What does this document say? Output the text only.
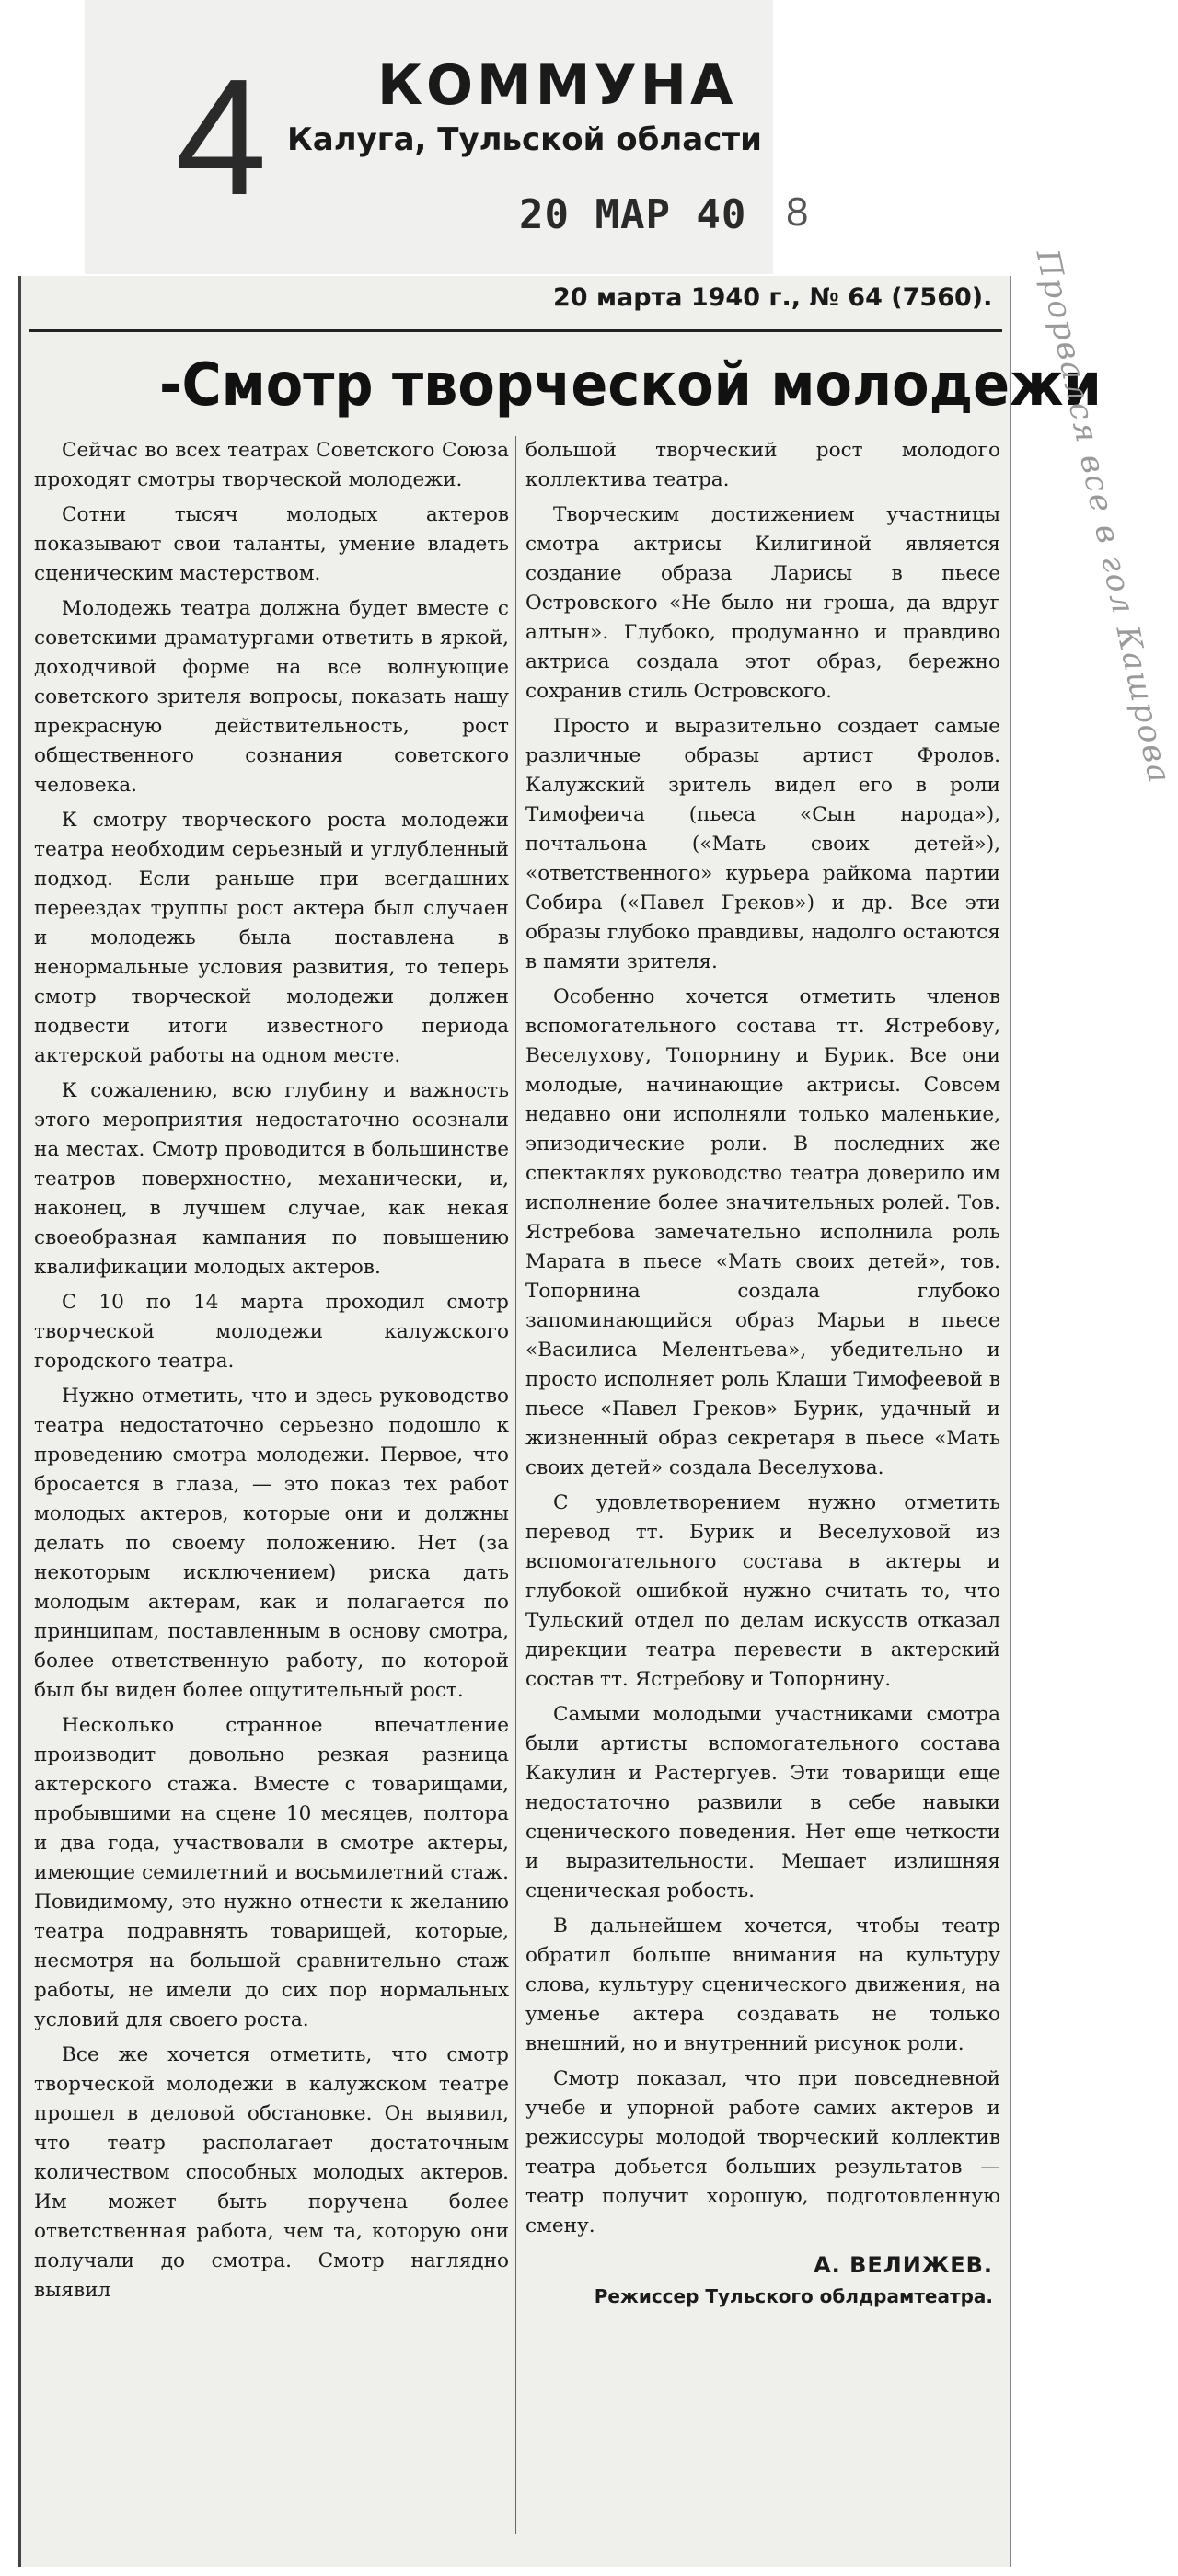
4 КОММУНА
Калуга, Тульской области
20 МАР 40 8
20 марта 1940 г., № 64 (7560).
-Смотр творческой молодежи

Сейчас во всех театрах Советского Союза проходят смотры творческой молодежи.

Сотни тысяч молодых актеров показывают свои таланты, умение владеть сценическим мастерством.

Молодежь театра должна будет вместе с советскими драматургами ответить в яркой, доходчивой форме на все волнующие советского зрителя вопросы, показать нашу прекрасную действительность, рост общественного сознания советского человека.

К смотру творческого роста молодежи театра необходим серьезный и углубленный подход. Если раньше при всегдашних переездах труппы рост актера был случаен и молодежь была поставлена в ненормальные условия развития, то теперь смотр творческой молодежи должен подвести итоги известного периода актерской работы на одном месте.

К сожалению, всю глубину и важность этого мероприятия недостаточно осознали на местах. Смотр проводится в большинстве театров поверхностно, механически, и, наконец, в лучшем случае, как некая своеобразная кампания по повышению квалификации молодых актеров.

С 10 по 14 марта проходил смотр творческой молодежи калужского городского театра.

Нужно отметить, что и здесь руководство театра недостаточно серьезно подошло к проведению смотра молодежи. Первое, что бросается в глаза, — это показ тех работ молодых актеров, которые они и должны делать по своему положению. Нет (за некоторым исключением) риска дать молодым актерам, как и полагается по принципам, поставленным в основу смотра, более ответственную работу, по которой был бы виден более ощутительный рост.

Несколько странное впечатление производит довольно резкая разница актерского стажа. Вместе с товарищами, пробывшими на сцене 10 месяцев, полтора и два года, участвовали в смотре актеры, имеющие семилетний и восьмилетний стаж. Повидимому, это нужно отнести к желанию театра подравнять товарищей, которые, несмотря на большой сравнительно стаж работы, не имели до сих пор нормальных условий для своего роста.

Все же хочется отметить, что смотр творческой молодежи в калужском театре прошел в деловой обстановке. Он выявил, что театр располагает достаточным количеством способных молодых актеров. Им может быть поручена более ответственная работа, чем та, которую они получали до смотра. Смотр наглядно выявил

большой творческий рост молодого коллектива театра.

Творческим достижением участницы смотра актрисы Килигиной является создание образа Ларисы в пьесе Островского «Не было ни гроша, да вдруг алтын». Глубоко, продуманно и правдиво актриса создала этот образ, бережно сохранив стиль Островского.

Просто и выразительно создает самые различные образы артист Фролов. Калужский зритель видел его в роли Тимофеича (пьеса «Сын народа»), почтальона («Мать своих детей»), «ответственного» курьера райкома партии Собира («Павел Греков») и др. Все эти образы глубоко правдивы, надолго остаются в памяти зрителя.

Особенно хочется отметить членов вспомогательного состава тт. Ястребову, Веселухову, Топорнину и Бурик. Все они молодые, начинающие актрисы. Совсем недавно они исполняли только маленькие, эпизодические роли. В последних же спектаклях руководство театра доверило им исполнение более значительных ролей. Тов. Ястребова замечательно исполнила роль Марата в пьесе «Мать своих детей», тов. Топорнина создала глубоко запоминающийся образ Марьи в пьесе «Василиса Мелентьева», убедительно и просто исполняет роль Клаши Тимофеевой в пьесе «Павел Греков» Бурик, удачный и жизненный образ секретаря в пьесе «Мать своих детей» создала Веселухова.

С удовлетворением нужно отметить перевод тт. Бурик и Веселуховой из вспомогательного состава в актеры и глубокой ошибкой нужно считать то, что Тульский отдел по делам искусств отказал дирекции театра перевести в актерский состав тт. Ястребову и Топорнину.

Самыми молодыми участниками смотра были артисты вспомогательного состава Какулин и Растергуев. Эти товарищи еще недостаточно развили в себе навыки сценического поведения. Нет еще четкости и выразительности. Мешает излишняя сценическая робость.

В дальнейшем хочется, чтобы театр обратил больше внимания на культуру слова, культуру сценического движения, на уменье актера создавать не только внешний, но и внутренний рисунок роли.

Смотр показал, что при повседневной учебе и упорной работе самих актеров и режиссуры молодой творческий коллектив театра добьется больших результатов — театр получит хорошую, подготовленную смену.

А. ВЕЛИЖЕВ.
Режиссер Тульского облдрамтеатра.
Прорвался все в гол Кашрова
